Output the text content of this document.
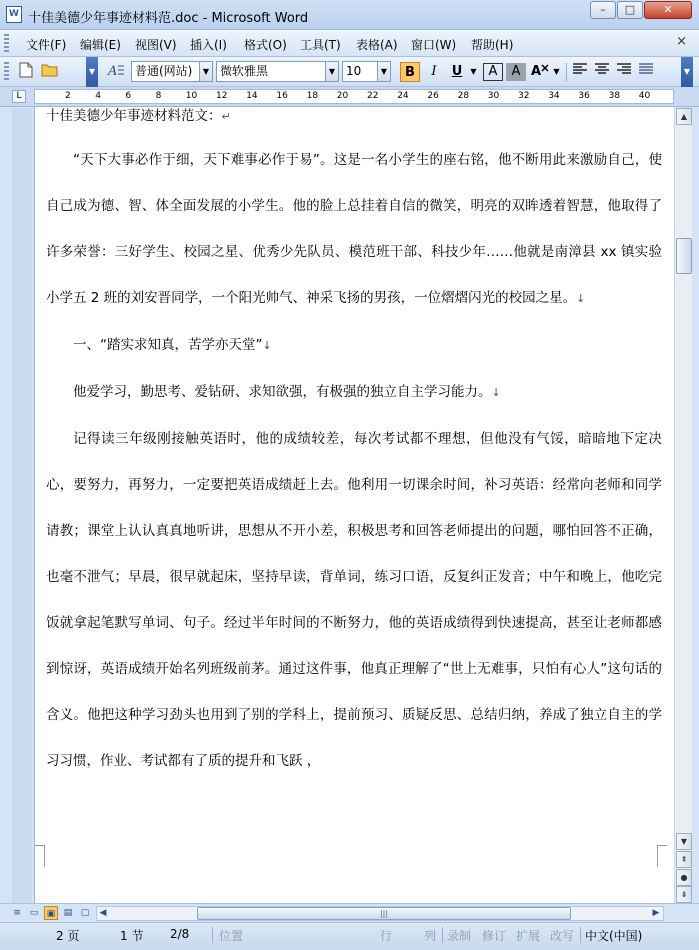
W 十佳美德少年事迹材料范.doc - Microsoft Word
–	□	✕
文件(F) 编辑(E) 视图(V) 插入(I) 格式(O) 工具(T) 表格(A) 窗口(W) 帮助(H)	×
▼ A	普通(网站)	▼ 微软雅黑	▼ 10	▼	B	I	U	▼ A	A A	▼	▼
L	2	4	6	8	10 12 14 16 18 20 22 24 26 28 30 32 34 36 38 40

十佳美德少年事迹材料范文：↵

“天下大事必作于细，天下难事必作于易”。这是一名小学生的座右铭，他不断用此来激励自己，使自己成为德、智、体全面发展的小学生。他的脸上总挂着自信的微笑，明亮的双眸透着智慧，他取得了许多荣誉：三好学生、校园之星、优秀少先队员、模范班干部、科技少年……他就是南漳县 xx 镇实验小学五 2 班的刘安晋同学，一个阳光帅气、神采飞扬的男孩，一位熠熠闪光的校园之星。↓

一、“踏实求知真，苦学亦天堂”↓

他爱学习，勤思考、爱钻研、求知欲强，有极强的独立自主学习能力。↓

记得读三年级刚接触英语时，他的成绩较差，每次考试都不理想，但他没有气馁，暗暗地下定决心，要努力，再努力，一定要把英语成绩赶上去。他利用一切课余时间，补习英语：经常向老师和同学请教；课堂上认认真真地听讲，思想从不开小差，积极思考和回答老师提出的问题，哪怕回答不正确，也毫不泄气；早晨，很早就起床，坚持早读，背单词，练习口语，反复纠正发音；中午和晚上，他吃完饭就拿起笔默写单词、句子。经过半年时间的不断努力，他的英语成绩得到快速提高，甚至让老师都感到惊讶，英语成绩开始名列班级前茅。通过这件事，他真正理解了“世上无难事，只怕有心人”这句话的含义。他把这种学习劲头也用到了别的学科上，提前预习、质疑反思、总结归纳，养成了独立自主的学习习惯，作业、考试都有了质的提升和飞跃 ，

▲
▼
⇞
●
⇟
≡ ▭ ▣ ▤ ▢	◀	|||	▶
2 页	1 节 2/8 位置	行	列 录制 修订 扩展 改写 中文(中国)
